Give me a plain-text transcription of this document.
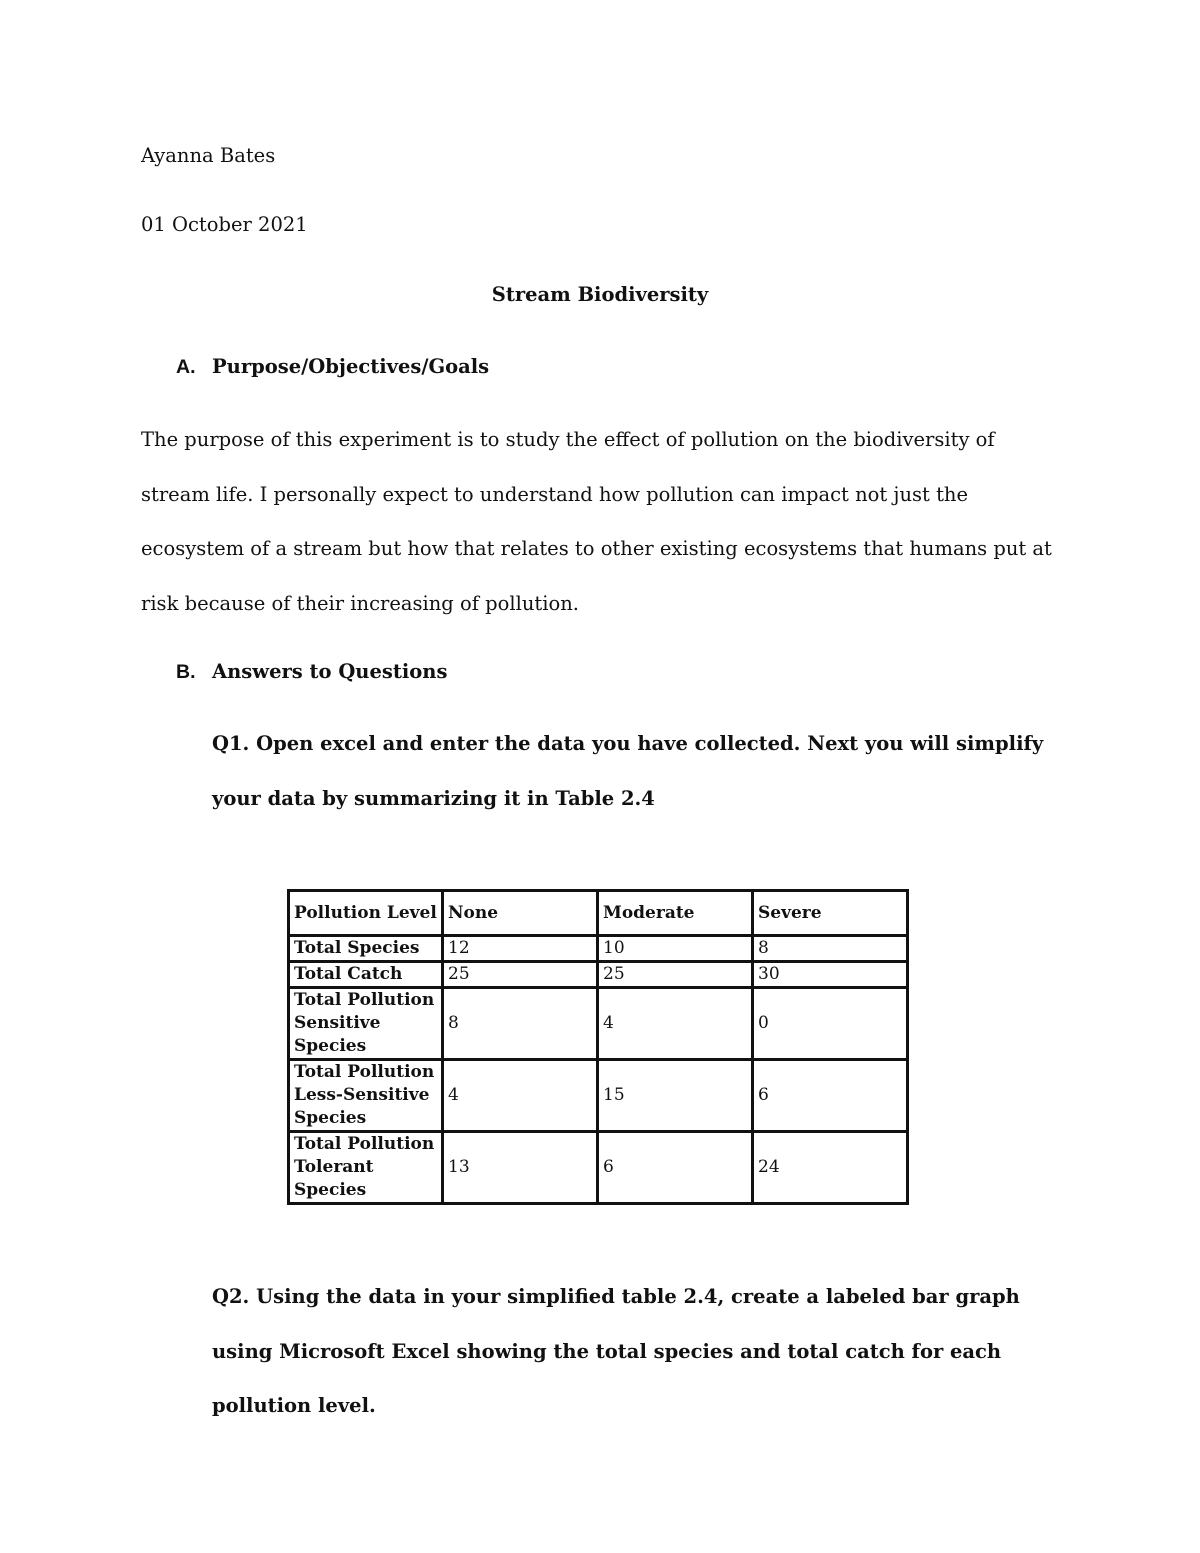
Ayanna Bates
01 October 2021
Stream Biodiversity
A. Purpose/Objectives/Goals
The purpose of this experiment is to study the effect of pollution on the biodiversity of stream life. I personally expect to understand how pollution can impact not just the ecosystem of a stream but how that relates to other existing ecosystems that humans put at risk because of their increasing of pollution.
B. Answers to Questions
Q1. Open excel and enter the data you have collected. Next you will simplify your data by summarizing it in Table 2.4
Pollution Level	None	Moderate	Severe
Total Species	12	10	8
Total Catch	25	25	30
Total Pollution Sensitive Species	8	4	0
Total Pollution Less-Sensitive Species	4	15	6
Total Pollution Tolerant Species	13	6	24
Q2. Using the data in your simplified table 2.4, create a labeled bar graph using Microsoft Excel showing the total species and total catch for each pollution level.
